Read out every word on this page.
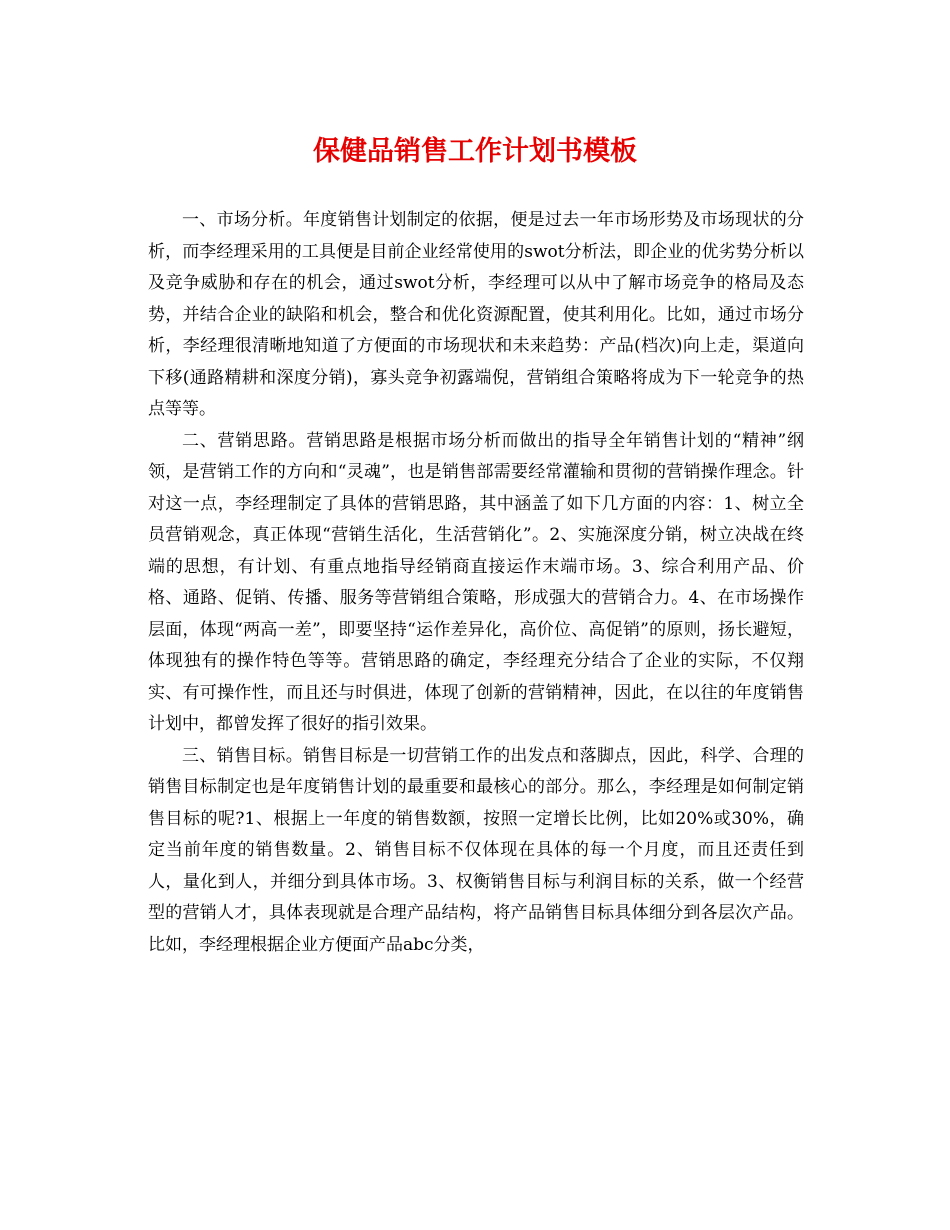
保健品销售工作计划书模板

一、市场分析。年度销售计划制定的依据，便是过去一年市场形势及市场现状的分析，而李经理采用的工具便是目前企业经常使用的swot分析法，即企业的优劣势分析以及竞争威胁和存在的机会，通过swot分析，李经理可以从中了解市场竞争的格局及态势，并结合企业的缺陷和机会，整合和优化资源配置，使其利用化。比如，通过市场分析，李经理很清晰地知道了方便面的市场现状和未来趋势：产品(档次)向上走，渠道向下移(通路精耕和深度分销)，寡头竞争初露端倪，营销组合策略将成为下一轮竞争的热点等等。

二、营销思路。营销思路是根据市场分析而做出的指导全年销售计划的“精神”纲领，是营销工作的方向和“灵魂”，也是销售部需要经常灌输和贯彻的营销操作理念。针对这一点，李经理制定了具体的营销思路，其中涵盖了如下几方面的内容：1、树立全员营销观念，真正体现“营销生活化，生活营销化”。2、实施深度分销，树立决战在终端的思想，有计划、有重点地指导经销商直接运作末端市场。3、综合利用产品、价格、通路、促销、传播、服务等营销组合策略，形成强大的营销合力。4、在市场操作层面，体现“两高一差”，即要坚持“运作差异化，高价位、高促销”的原则，扬长避短，体现独有的操作特色等等。营销思路的确定，李经理充分结合了企业的实际，不仅翔实、有可操作性，而且还与时俱进，体现了创新的营销精神，因此，在以往的年度销售计划中，都曾发挥了很好的指引效果。

三、销售目标。销售目标是一切营销工作的出发点和落脚点，因此，科学、合理的销售目标制定也是年度销售计划的最重要和最核心的部分。那么，李经理是如何制定销售目标的呢?1、根据上一年度的销售数额，按照一定增长比例，比如20%或30%，确定当前年度的销售数量。2、销售目标不仅体现在具体的每一个月度，而且还责任到人，量化到人，并细分到具体市场。3、权衡销售目标与利润目标的关系，做一个经营型的营销人才，具体表现就是合理产品结构，将产品销售目标具体细分到各层次产品。比如，李经理根据企业方便面产品abc分类，
